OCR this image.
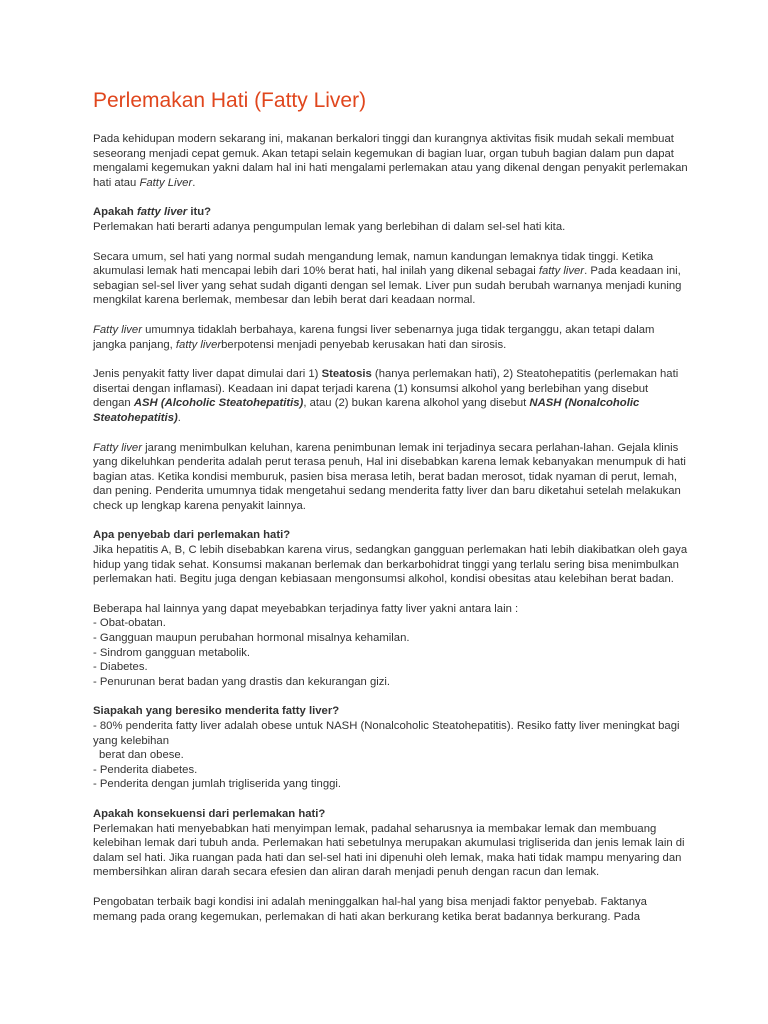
Perlemakan Hati (Fatty Liver)

Pada kehidupan modern sekarang ini, makanan berkalori tinggi dan kurangnya aktivitas fisik mudah sekali membuat seseorang menjadi cepat gemuk. Akan tetapi selain kegemukan di bagian luar, organ tubuh bagian dalam pun dapat mengalami kegemukan yakni dalam hal ini hati mengalami perlemakan atau yang dikenal dengan penyakit perlemakan hati atau Fatty Liver.

Apakah fatty liver itu?

Perlemakan hati berarti adanya pengumpulan lemak yang berlebihan di dalam sel-sel hati kita.

Secara umum, sel hati yang normal sudah mengandung lemak, namun kandungan lemaknya tidak tinggi. Ketika akumulasi lemak hati mencapai lebih dari 10% berat hati, hal inilah yang dikenal sebagai fatty liver. Pada keadaan ini, sebagian sel-sel liver yang sehat sudah diganti dengan sel lemak. Liver pun sudah berubah warnanya menjadi kuning mengkilat karena berlemak, membesar dan lebih berat dari keadaan normal.

Fatty liver umumnya tidaklah berbahaya, karena fungsi liver sebenarnya juga tidak terganggu, akan tetapi dalam jangka panjang, fatty liverberpotensi menjadi penyebab kerusakan hati dan sirosis.

Jenis penyakit fatty liver dapat dimulai dari 1) Steatosis (hanya perlemakan hati), 2) Steatohepatitis (perlemakan hati disertai dengan inflamasi). Keadaan ini dapat terjadi karena (1) konsumsi alkohol yang berlebihan yang disebut dengan ASH (Alcoholic Steatohepatitis), atau (2) bukan karena alkohol yang disebut NASH (Nonalcoholic Steatohepatitis).

Fatty liver jarang menimbulkan keluhan, karena penimbunan lemak ini terjadinya secara perlahan-lahan. Gejala klinis yang dikeluhkan penderita adalah perut terasa penuh, Hal ini disebabkan karena lemak kebanyakan menumpuk di hati bagian atas. Ketika kondisi memburuk, pasien bisa merasa letih, berat badan merosot, tidak nyaman di perut, lemah, dan pening. Penderita umumnya tidak mengetahui sedang menderita fatty liver dan baru diketahui setelah melakukan check up lengkap karena penyakit lainnya.

Apa penyebab dari perlemakan hati?

Jika hepatitis A, B, C lebih disebabkan karena virus, sedangkan gangguan perlemakan hati lebih diakibatkan oleh gaya hidup yang tidak sehat. Konsumsi makanan berlemak dan berkarbohidrat tinggi yang terlalu sering bisa menimbulkan perlemakan hati. Begitu juga dengan kebiasaan mengonsumsi alkohol, kondisi obesitas atau kelebihan berat badan.

Beberapa hal lainnya yang dapat meyebabkan terjadinya fatty liver yakni antara lain :

- Obat-obatan.
- Gangguan maupun perubahan hormonal misalnya kehamilan.
- Sindrom gangguan metabolik.
- Diabetes.
- Penurunan berat badan yang drastis dan kekurangan gizi.
Siapakah yang beresiko menderita fatty liver?
- 80% penderita fatty liver adalah obese untuk NASH (Nonalcoholic Steatohepatitis). Resiko fatty liver meningkat bagi yang kelebihan
berat dan obese.
- Penderita diabetes.
- Penderita dengan jumlah trigliserida yang tinggi.
Apakah konsekuensi dari perlemakan hati?

Perlemakan hati menyebabkan hati menyimpan lemak, padahal seharusnya ia membakar lemak dan membuang kelebihan lemak dari tubuh anda. Perlemakan hati sebetulnya merupakan akumulasi trigliserida dan jenis lemak lain di dalam sel hati. Jika ruangan pada hati dan sel-sel hati ini dipenuhi oleh lemak, maka hati tidak mampu menyaring dan membersihkan aliran darah secara efesien dan aliran darah menjadi penuh dengan racun dan lemak.

Pengobatan terbaik bagi kondisi ini adalah meninggalkan hal-hal yang bisa menjadi faktor penyebab. Faktanya memang pada orang kegemukan, perlemakan di hati akan berkurang ketika berat badannya berkurang. Pada
